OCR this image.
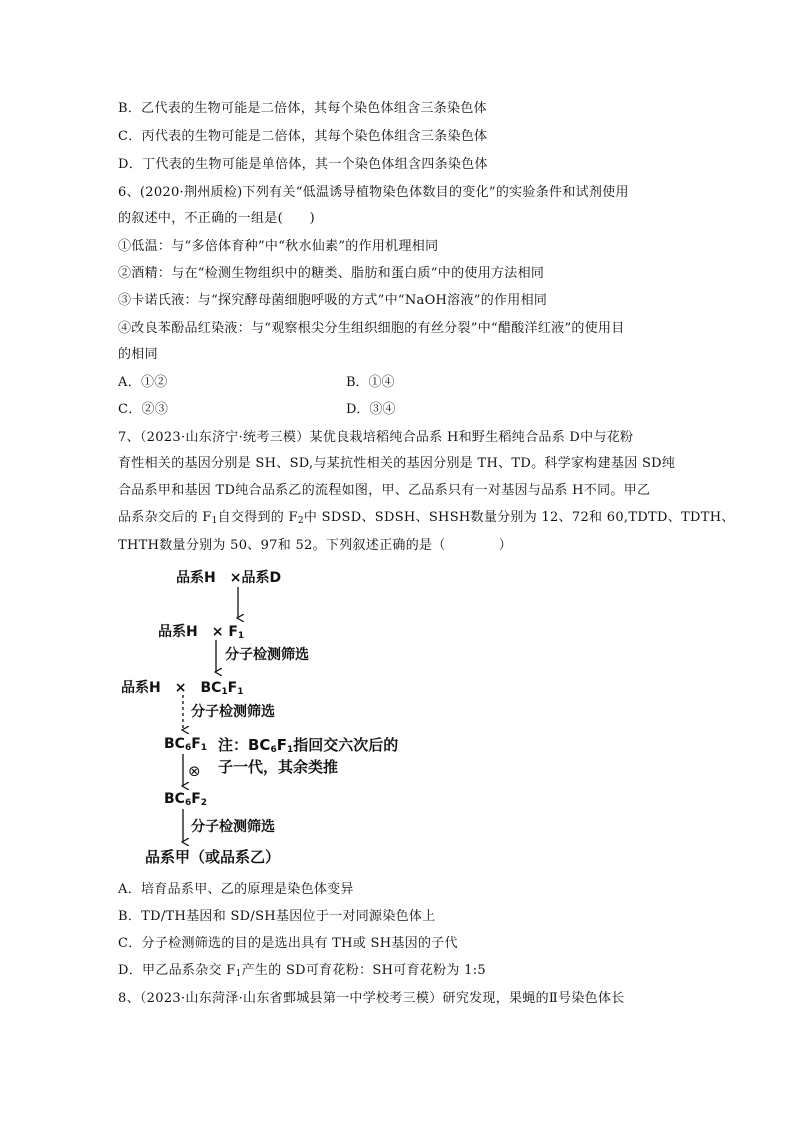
B．乙代表的生物可能是二倍体，其每个染色体组含三条染色体
C．丙代表的生物可能是二倍体，其每个染色体组含三条染色体
D．丁代表的生物可能是单倍体，其一个染色体组含四条染色体
6、(2020·荆州质检)下列有关“低温诱导植物染色体数目的变化”的实验条件和试剂使用
的叙述中，不正确的一组是(　　)
①低温：与“多倍体育种”中“秋水仙素”的作用机理相同
②酒精：与在“检测生物组织中的糖类、脂肪和蛋白质”中的使用方法相同
③卡诺氏液：与“探究酵母菌细胞呼吸的方式”中“NaOH溶液”的作用相同
④改良苯酚品红染液：与“观察根尖分生组织细胞的有丝分裂”中“醋酸洋红液”的使用目
的相同
A．①②	B．①④
C．②③	D．③④
7、（2023·山东济宁·统考三模）某优良栽培稻纯合品系 H和野生稻纯合品系 D中与花粉
育性相关的基因分别是 SH、SD,与某抗性相关的基因分别是 TH、TD。科学家构建基因 SD纯
合品系甲和基因 TD纯合品系乙的流程如图，甲、乙品系只有一对基因与品系 H不同。甲乙
品系杂交后的 $F_1$自交得到的 $F_2$中 SDSD、SDSH、SHSH数量分别为 12、72和 60,TDTD、TDTH、
THTH数量分别为 50、97和 52。下列叙述正确的是（　　　　）
品系H　×品系D
品系H　× $F_1$
分子检测筛选
品系H　×　$BC_1F_1$
分子检测筛选
$BC_6F_1$ 注：$BC_6F_1$指回交六次后的
子一代，其余类推
⊗
$BC_6F_2$
分子检测筛选
品系甲（或品系乙）
A．培育品系甲、乙的原理是染色体变异
B．TD/TH基因和 SD/SH基因位于一对同源染色体上
C．分子检测筛选的目的是选出具有 TH或 SH基因的子代
D．甲乙品系杂交 $F_1$产生的 SD可育花粉：SH可育花粉为 1:5
8、（2023·山东菏泽·山东省鄄城县第一中学校考三模）研究发现，果蝇的Ⅱ号染色体长
